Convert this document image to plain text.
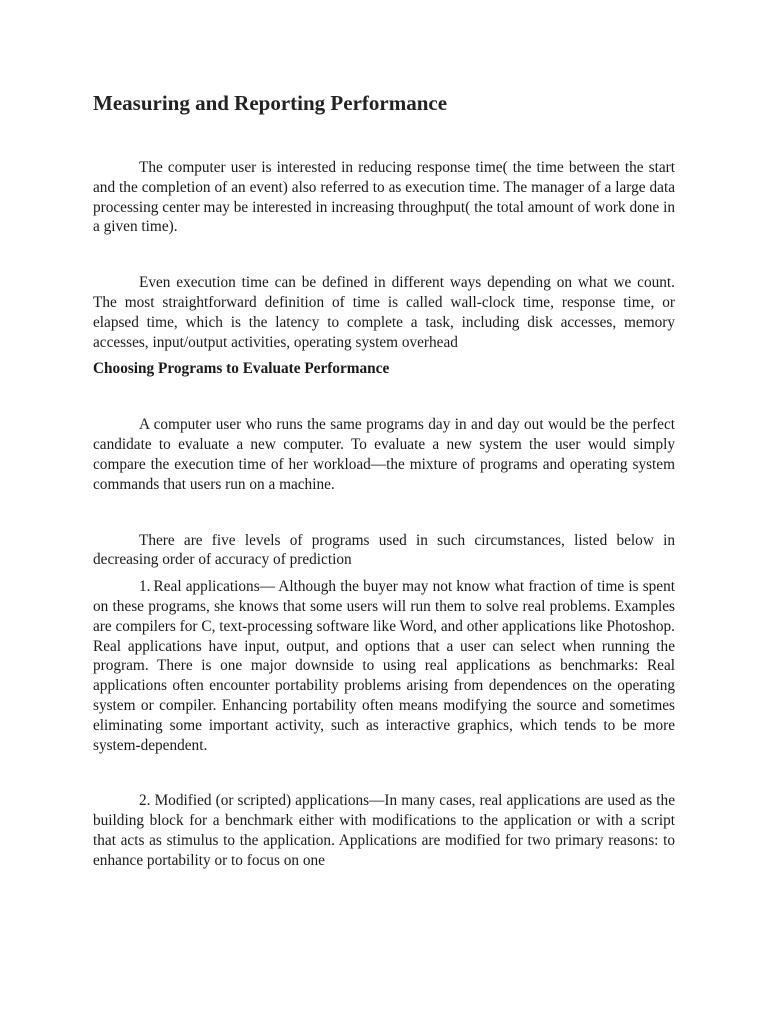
Measuring and Reporting Performance

The computer user is interested in reducing response time( the time between the start and the completion of an event) also referred to as execution time. The manager of a large data processing center may be interested in increasing throughput( the total amount of work done in a given time).

Even execution time can be defined in different ways depending on what we count. The most straightforward definition of time is called wall-clock time, response time, or elapsed time, which is the latency to complete a task, including disk accesses, memory accesses, input/output activities, operating system overhead

Choosing Programs to Evaluate Performance

A computer user who runs the same programs day in and day out would be the perfect candidate to evaluate a new computer. To evaluate a new system the user would simply compare the execution time of her workload—the mixture of programs and operating system commands that users run on a machine.

There are five levels of programs used in such circumstances, listed below in decreasing order of accuracy of prediction

1. Real applications— Although the buyer may not know what fraction of time is spent on these programs, she knows that some users will run them to solve real problems. Examples are compilers for C, text-processing software like Word, and other applications like Photoshop. Real applications have input, output, and options that a user can select when running the program. There is one major downside to using real applications as benchmarks: Real applications often encounter portability problems arising from dependences on the operating system or compiler. Enhancing portability often means modifying the source and sometimes eliminating some important activity, such as interactive graphics, which tends to be more system-dependent.

2. Modified (or scripted) applications—In many cases, real applications are used as the building block for a benchmark either with modifications to the application or with a script that acts as stimulus to the application. Applications are modified for two primary reasons: to enhance portability or to focus on one
